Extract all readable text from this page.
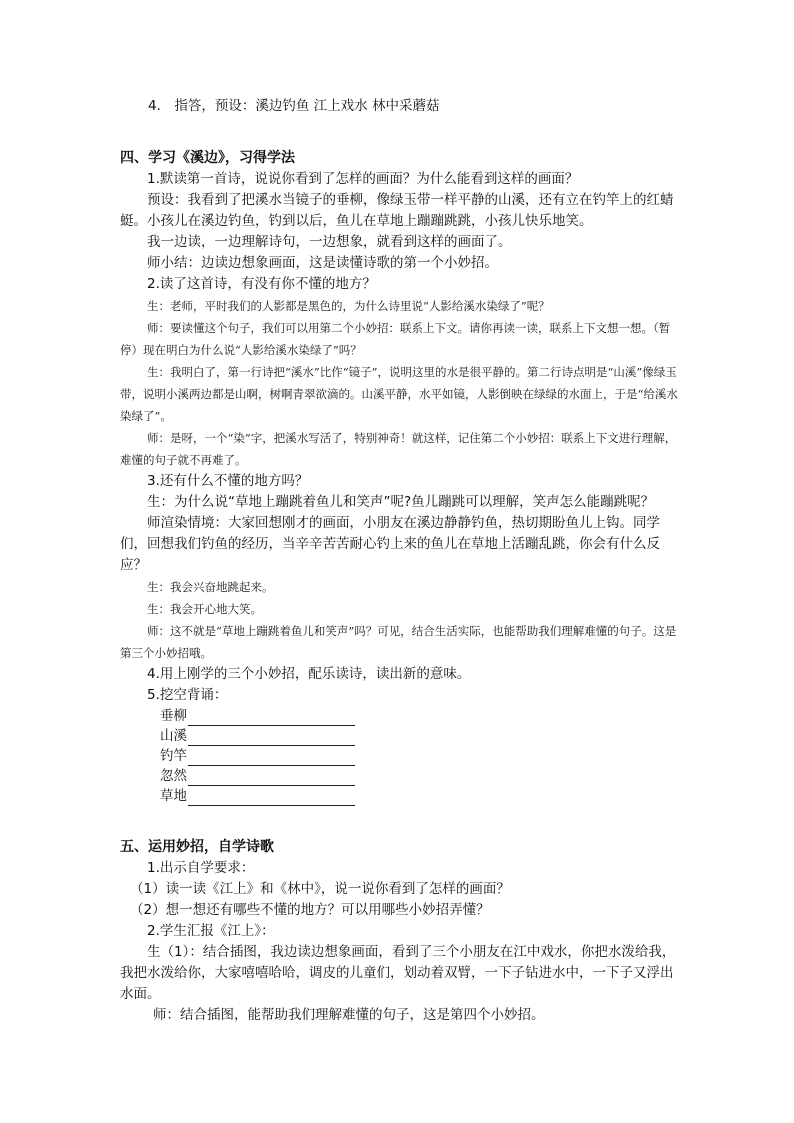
4.　指答，预设：溪边钓鱼 江上戏水 林中采蘑菇

四、学习《溪边》，习得学法

1.默读第一首诗，说说你看到了怎样的画面？为什么能看到这样的画面？

预设：我看到了把溪水当镜子的垂柳，像绿玉带一样平静的山溪，还有立在钓竿上的红蜻蜓。小孩儿在溪边钓鱼，钓到以后，鱼儿在草地上蹦蹦跳跳，小孩儿快乐地笑。

我一边读，一边理解诗句，一边想象，就看到这样的画面了。

师小结：边读边想象画面，这是读懂诗歌的第一个小妙招。

2.读了这首诗，有没有你不懂的地方？

生：老师，平时我们的人影都是黑色的，为什么诗里说“人影给溪水染绿了”呢？

师：要读懂这个句子，我们可以用第二个小妙招：联系上下文。请你再读一读，联系上下文想一想。（暂停）现在明白为什么说“人影给溪水染绿了”吗？

生：我明白了，第一行诗把“溪水”比作“镜子”，说明这里的水是很平静的。第二行诗点明是“山溪”像绿玉带，说明小溪两边都是山啊，树啊青翠欲滴的。山溪平静，水平如镜，人影倒映在绿绿的水面上，于是“给溪水染绿了”。

师：是呀，一个“染”字，把溪水写活了，特别神奇！就这样，记住第二个小妙招：联系上下文进行理解，难懂的句子就不再难了。

3.还有什么不懂的地方吗？

生：为什么说“草地上蹦跳着鱼儿和笑声”呢?鱼儿蹦跳可以理解，笑声怎么能蹦跳呢？

师渲染情境：大家回想刚才的画面，小朋友在溪边静静钓鱼，热切期盼鱼儿上钩。同学们，回想我们钓鱼的经历，当辛辛苦苦耐心钓上来的鱼儿在草地上活蹦乱跳，你会有什么反应？

生：我会兴奋地跳起来。

生：我会开心地大笑。

师：这不就是“草地上蹦跳着鱼儿和笑声”吗？可见，结合生活实际，也能帮助我们理解难懂的句子。这是第三个小妙招哦。

4.用上刚学的三个小妙招，配乐读诗，读出新的意味。

5.挖空背诵：

垂柳
山溪
钓竿
忽然
草地

五、运用妙招，自学诗歌

1.出示自学要求：

（1）读一读《江上》和《林中》，说一说你看到了怎样的画面？

（2）想一想还有哪些不懂的地方？可以用哪些小妙招弄懂？

2.学生汇报《江上》：

生（1）：结合插图，我边读边想象画面，看到了三个小朋友在江中戏水，你把水泼给我，我把水泼给你，大家嘻嘻哈哈，调皮的儿童们，划动着双臂，一下子钻进水中，一下子又浮出水面。

师：结合插图，能帮助我们理解难懂的句子，这是第四个小妙招。
